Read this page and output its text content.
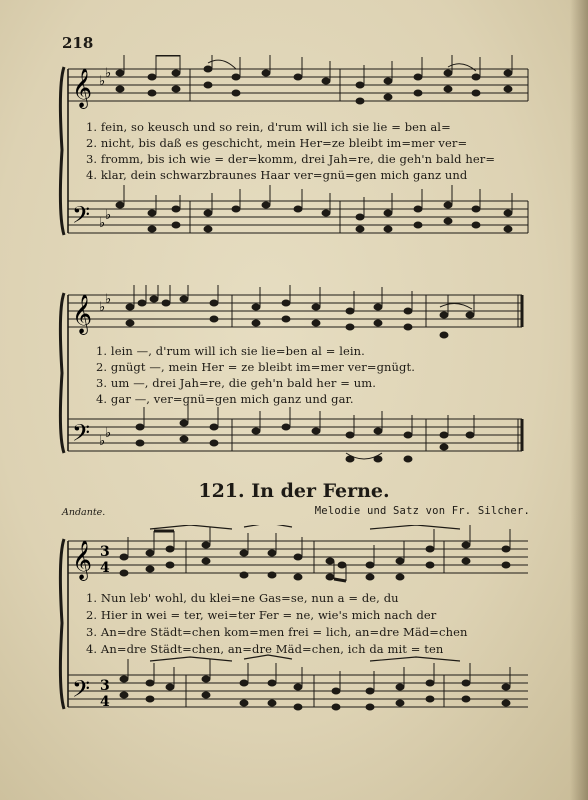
218
𝄞
𝄢
♭
♭
♭
♭
1. fein, so keusch und so rein, d'rum will ich sie lie = ben al=
2. nicht, bis daß es geschicht, mein Her=ze bleibt im=mer ver=
3. fromm, bis ich wie = der=komm, drei Jah=re, die geh'n bald her=
4. klar, dein schwarzbraunes Haar ver=gnü=gen mich ganz und
𝄞
𝄢
♭
♭
♭
♭
1. lein —, d'rum will ich sie lie=ben al = lein.
2. gnügt —, mein Her = ze bleibt im=mer ver=gnügt.
3. um —, drei Jah=re, die geh'n bald her = um.
4. gar —, ver=gnü=gen mich ganz und gar.
121. In der Ferne.
Andante.	Melodie und Satz von Fr. Silcher.
𝄞
𝄢
3
4
3
4
1. Nun leb' wohl, du klei=ne Gas=se, nun a = de, du
2. Hier in wei = ter, wei=ter Fer = ne, wie's mich nach der
3. An=dre Städt=chen kom=men frei = lich, an=dre Mäd=chen
4. An=dre Städt=chen, an=dre Mäd=chen, ich da mit = ten
